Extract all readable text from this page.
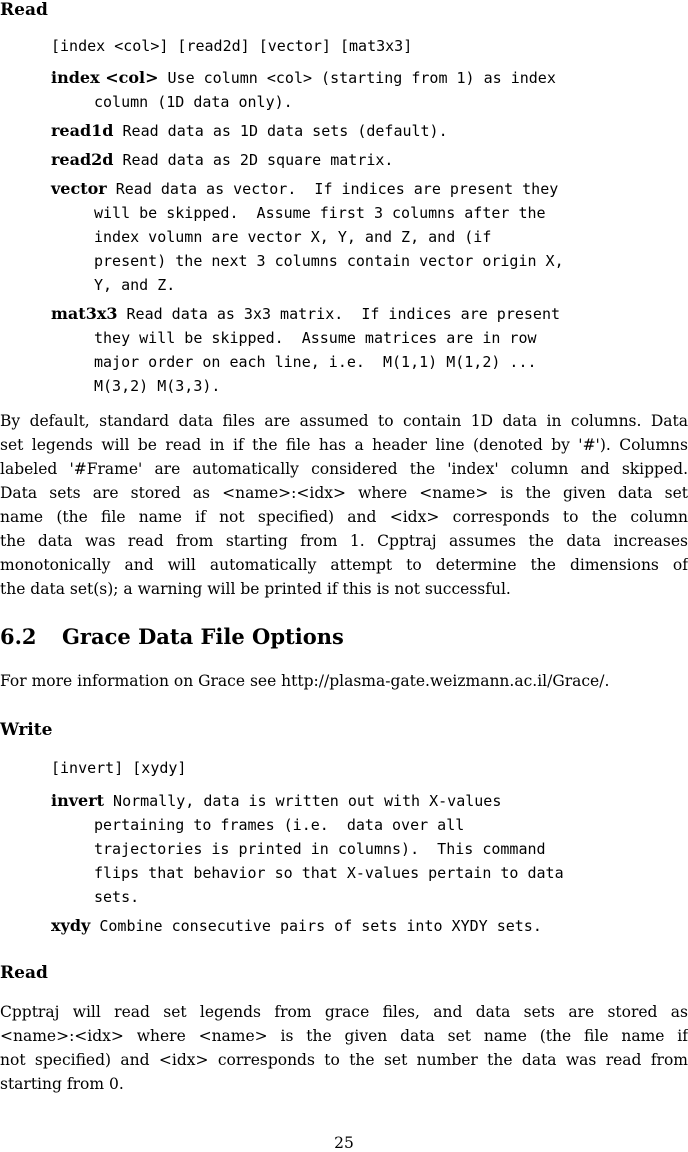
Read
[index <col>] [read2d] [vector] [mat3x3]
index <col> Use column <col> (starting from 1) as index
column (1D data only).
read1d Read data as 1D data sets (default).
read2d Read data as 2D square matrix.
vector Read data as vector.  If indices are present they
will be skipped.  Assume first 3 columns after the
index volumn are vector X, Y, and Z, and (if
present) the next 3 columns contain vector origin X,
Y, and Z.
mat3x3 Read data as 3x3 matrix.  If indices are present
they will be skipped.  Assume matrices are in row
major order on each line, i.e.  M(1,1) M(1,2) ...
M(3,2) M(3,3).
By default, standard data files are assumed to contain 1D data in columns. Data
set legends will be read in if the file has a header line (denoted by '#'). Columns
labeled '#Frame' are automatically considered the 'index' column and skipped.
Data sets are stored as <name>:<idx> where <name> is the given data set
name (the file name if not specified) and <idx> corresponds to the column
the data was read from starting from 1. Cpptraj assumes the data increases
monotonically and will automatically attempt to determine the dimensions of
the data set(s); a warning will be printed if this is not successful.
6.2 Grace Data File Options
For more information on Grace see http://plasma-gate.weizmann.ac.il/Grace/.
Write
[invert] [xydy]
invert Normally, data is written out with X-values
pertaining to frames (i.e.  data over all
trajectories is printed in columns).  This command
flips that behavior so that X-values pertain to data
sets.
xydy Combine consecutive pairs of sets into XYDY sets.
Read
Cpptraj will read set legends from grace files, and data sets are stored as
<name>:<idx> where <name> is the given data set name (the file name if
not specified) and <idx> corresponds to the set number the data was read from
starting from 0.
25
